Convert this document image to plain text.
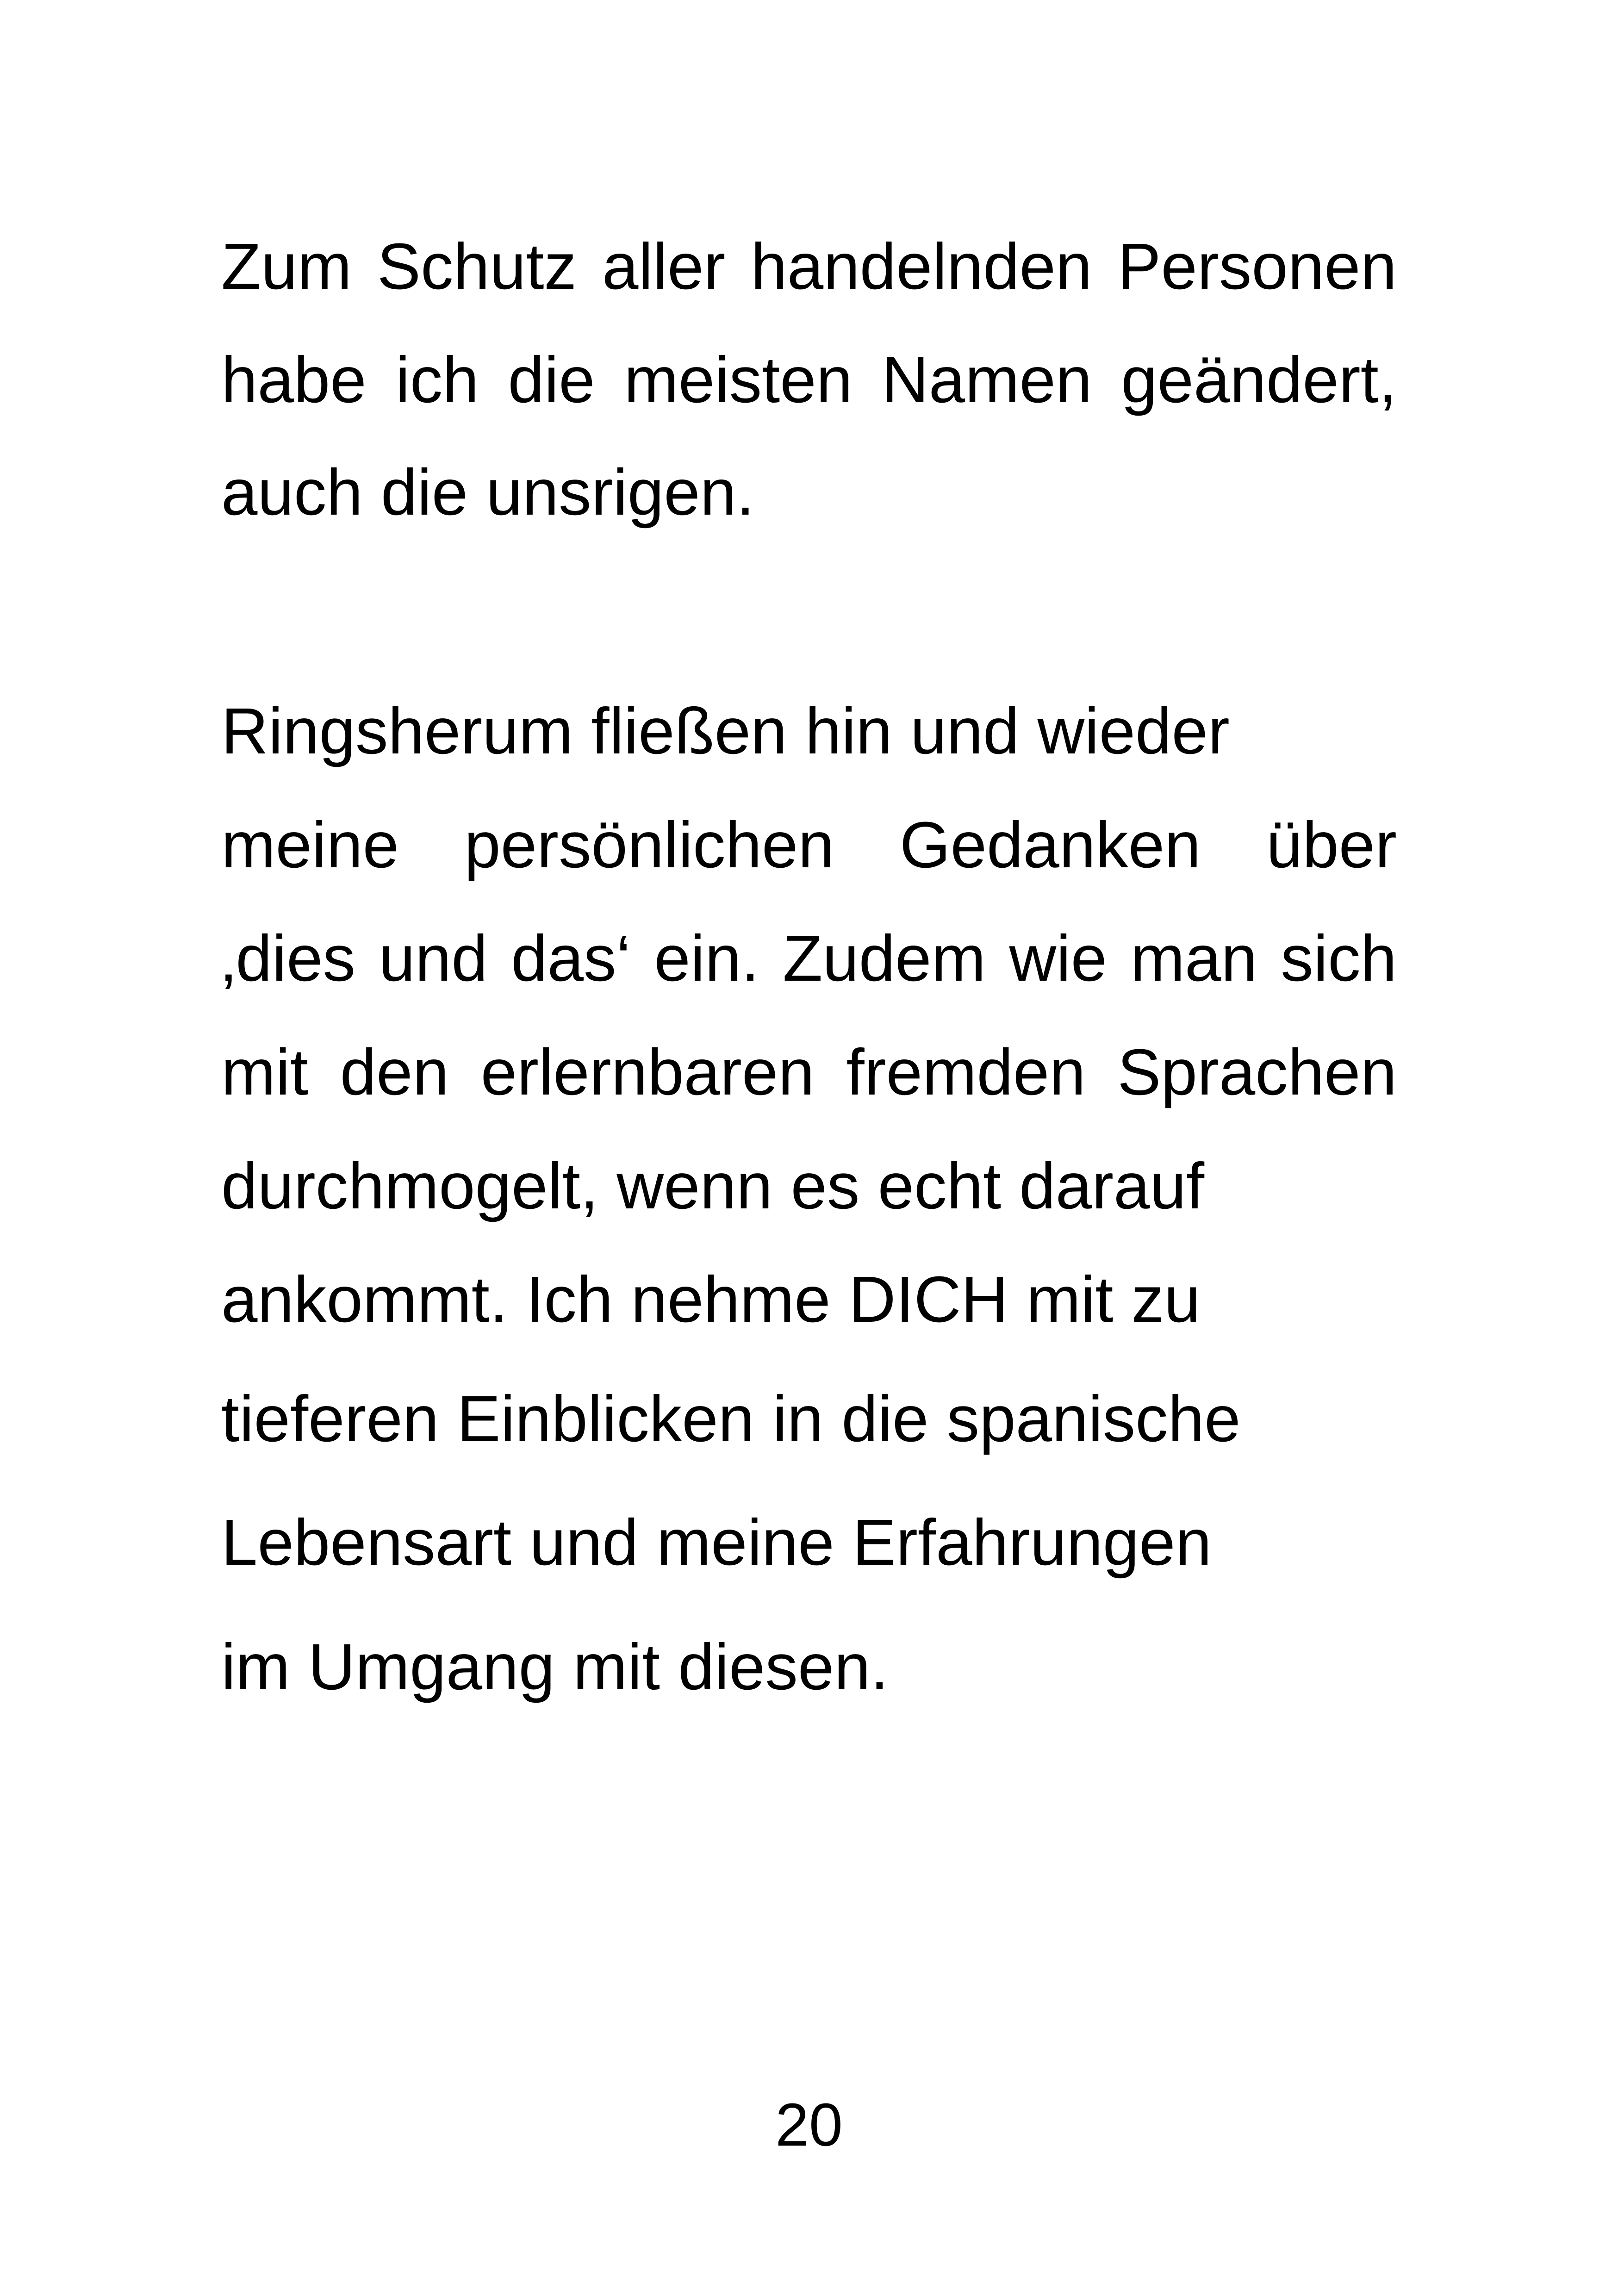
Zum Schutz aller handelnden Personen
habe ich die meisten Namen geändert,
auch die unsrigen.
Ringsherum fließen hin und wieder
meine persönlichen Gedanken über
‚dies und das‘ ein. Zudem wie man sich
mit den erlernbaren fremden Sprachen
durchmogelt, wenn es echt darauf
ankommt. Ich nehme DICH mit zu
tieferen Einblicken in die spanische
Lebensart und meine Erfahrungen
im Umgang mit diesen.
20
